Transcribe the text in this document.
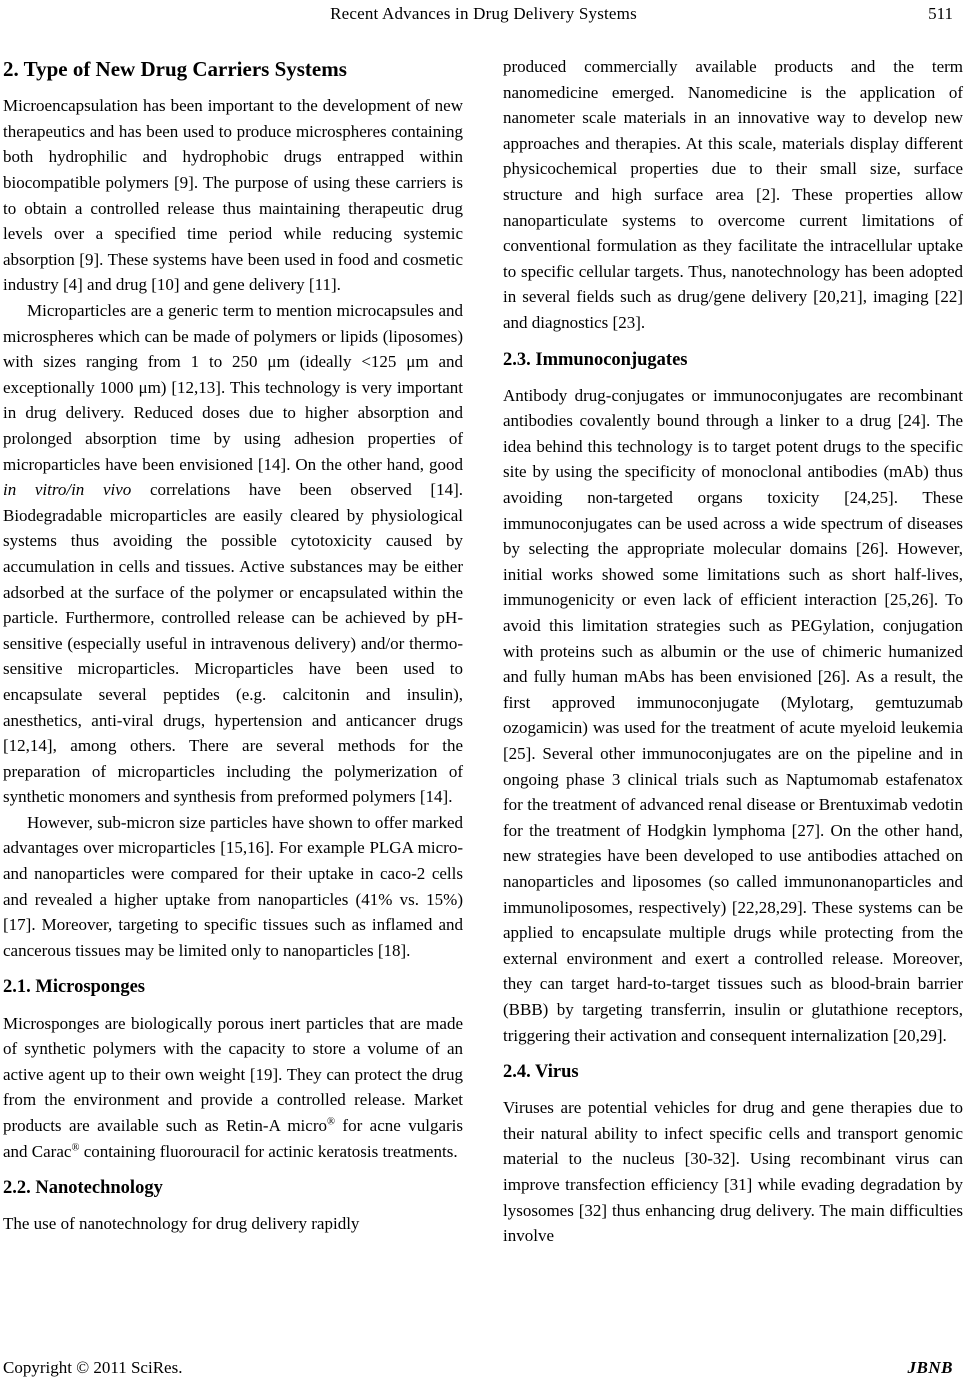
Recent Advances in Drug Delivery Systems	511
2. Type of New Drug Carriers Systems

Microencapsulation has been important to the development of new therapeutics and has been used to produce microspheres containing both hydrophilic and hydrophobic drugs entrapped within biocompatible polymers [9]. The purpose of using these carriers is to obtain a controlled release thus maintaining therapeutic drug levels over a specified time period while reducing systemic absorption [9]. These systems have been used in food and cosmetic industry [4] and drug [10] and gene delivery [11].

Microparticles are a generic term to mention microcapsules and microspheres which can be made of polymers or lipids (liposomes) with sizes ranging from 1 to 250 μm (ideally <125 μm and exceptionally 1000 μm) [12,13]. This technology is very important in drug delivery. Reduced doses due to higher absorption and prolonged absorption time by using adhesion properties of microparticles have been envisioned [14]. On the other hand, good in vitro/in vivo correlations have been observed [14]. Biodegradable microparticles are easily cleared by physiological systems thus avoiding the possible cytotoxicity caused by accumulation in cells and tissues. Active substances may be either adsorbed at the surface of the polymer or encapsulated within the particle. Furthermore, controlled release can be achieved by pH-sensitive (especially useful in intravenous delivery) and/or thermo-sensitive microparticles. Microparticles have been used to encapsulate several peptides (e.g. calcitonin and insulin), anesthetics, anti-viral drugs, hypertension and anticancer drugs [12,14], among others. There are several methods for the preparation of microparticles including the polymerization of synthetic monomers and synthesis from preformed polymers [14].

However, sub-micron size particles have shown to offer marked advantages over microparticles [15,16]. For example PLGA micro- and nanoparticles were compared for their uptake in caco-2 cells and revealed a higher uptake from nanoparticles (41% vs. 15%) [17]. Moreover, targeting to specific tissues such as inflamed and cancerous tissues may be limited only to nanoparticles [18].

2.1. Microsponges

Microsponges are biologically porous inert particles that are made of synthetic polymers with the capacity to store a volume of an active agent up to their own weight [19]. They can protect the drug from the environment and provide a controlled release. Market products are available such as Retin-A micro® for acne vulgaris and Carac® containing fluorouracil for actinic keratosis treatments.

2.2. Nanotechnology

The use of nanotechnology for drug delivery rapidly

produced commercially available products and the term nanomedicine emerged. Nanomedicine is the application of nanometer scale materials in an innovative way to develop new approaches and therapies. At this scale, materials display different physicochemical properties due to their small size, surface structure and high surface area [2]. These properties allow nanoparticulate systems to overcome current limitations of conventional formulation as they facilitate the intracellular uptake to specific cellular targets. Thus, nanotechnology has been adopted in several fields such as drug/gene delivery [20,21], imaging [22] and diagnostics [23].

2.3. Immunoconjugates

Antibody drug-conjugates or immunoconjugates are recombinant antibodies covalently bound through a linker to a drug [24]. The idea behind this technology is to target potent drugs to the specific site by using the specificity of monoclonal antibodies (mAb) thus avoiding non-targeted organs toxicity [24,25]. These immunoconjugates can be used across a wide spectrum of diseases by selecting the appropriate molecular domains [26]. However, initial works showed some limitations such as short half-lives, immunogenicity or even lack of efficient interaction [25,26]. To avoid this limitation strategies such as PEGylation, conjugation with proteins such as albumin or the use of chimeric humanized and fully human mAbs has been envisioned [26]. As a result, the first approved immunoconjugate (Mylotarg, gemtuzumab ozogamicin) was used for the treatment of acute myeloid leukemia [25]. Several other immunoconjugates are on the pipeline and in ongoing phase 3 clinical trials such as Naptumomab estafenatox for the treatment of advanced renal disease or Brentuximab vedotin for the treatment of Hodgkin lymphoma [27]. On the other hand, new strategies have been developed to use antibodies attached on nanoparticles and liposomes (so called immunonanoparticles and immunoliposomes, respectively) [22,28,29]. These systems can be applied to encapsulate multiple drugs while protecting from the external environment and exert a controlled release. Moreover, they can target hard-to-target tissues such as blood-brain barrier (BBB) by targeting transferrin, insulin or glutathione receptors, triggering their activation and consequent internalization [20,29].

2.4. Virus

Viruses are potential vehicles for drug and gene therapies due to their natural ability to infect specific cells and transport genomic material to the nucleus [30-32]. Using recombinant virus can improve transfection efficiency [31] while evading degradation by lysosomes [32] thus enhancing drug delivery. The main difficulties involve

Copyright © 2011 SciRes.	JBNB
